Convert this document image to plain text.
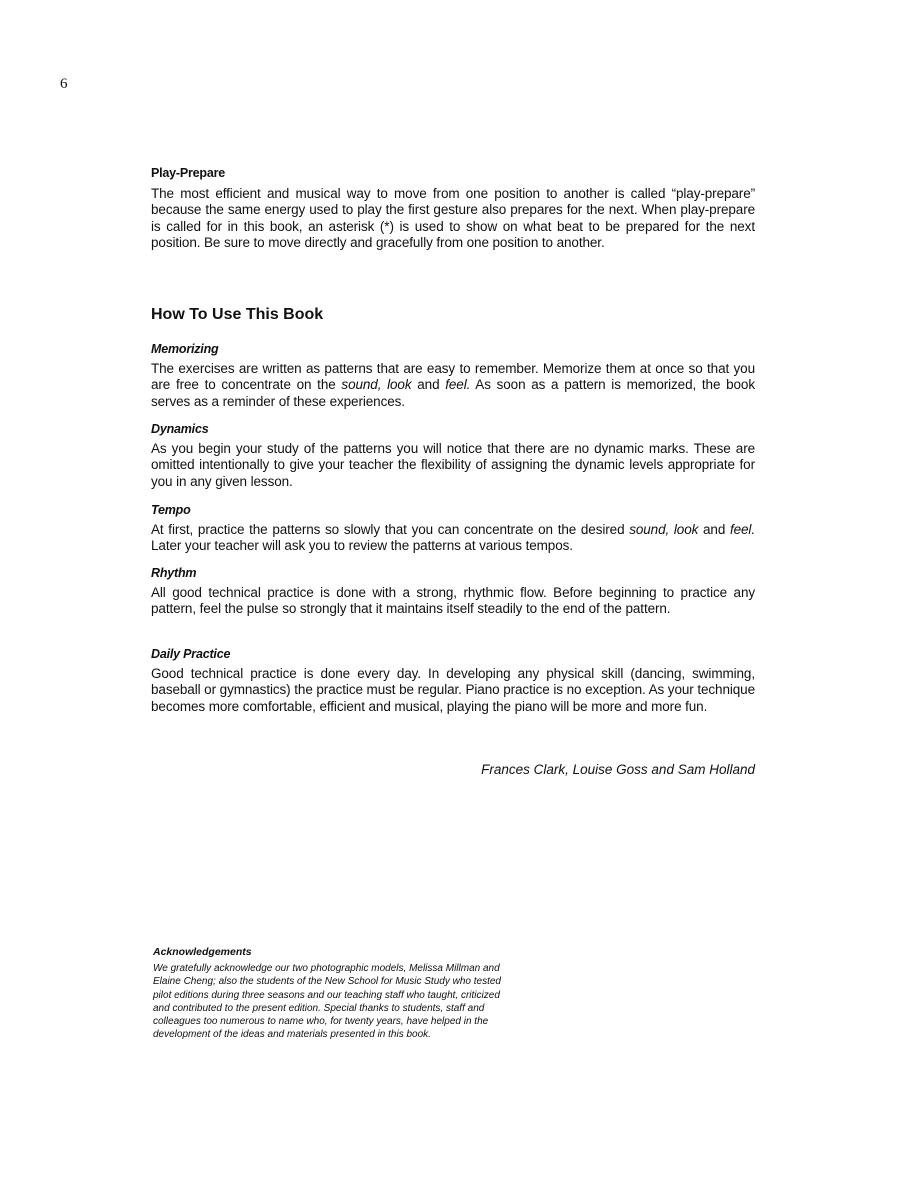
6

Play-Prepare

The most efficient and musical way to move from one position to another is called “play-prepare” because the same energy used to play the first gesture also prepares for the next. When play-prepare is called for in this book, an asterisk (*) is used to show on what beat to be prepared for the next position. Be sure to move directly and gracefully from one position to another.

How To Use This Book

Memorizing

The exercises are written as patterns that are easy to remember. Memorize them at once so that you are free to concentrate on the sound, look and feel. As soon as a pattern is memorized, the book serves as a reminder of these experiences.

Dynamics

As you begin your study of the patterns you will notice that there are no dynamic marks. These are omitted intentionally to give your teacher the flexibility of assigning the dynamic levels appropriate for you in any given lesson.

Tempo

At first, practice the patterns so slowly that you can concentrate on the desired sound, look and feel. Later your teacher will ask you to review the patterns at various tempos.

Rhythm

All good technical practice is done with a strong, rhythmic flow. Before beginning to practice any pattern, feel the pulse so strongly that it maintains itself steadily to the end of the pattern.

Daily Practice

Good technical practice is done every day. In developing any physical skill (dancing, swimming, baseball or gymnastics) the practice must be regular. Piano practice is no exception. As your technique becomes more comfortable, efficient and musical, playing the piano will be more and more fun.

Frances Clark, Louise Goss and Sam Holland

Acknowledgements

We gratefully acknowledge our two photographic models, Melissa Millman and Elaine Cheng; also the students of the New School for Music Study who tested pilot editions during three seasons and our teaching staff who taught, criticized and contributed to the present edition. Special thanks to students, staff and colleagues too numerous to name who, for twenty years, have helped in the development of the ideas and materials presented in this book.
